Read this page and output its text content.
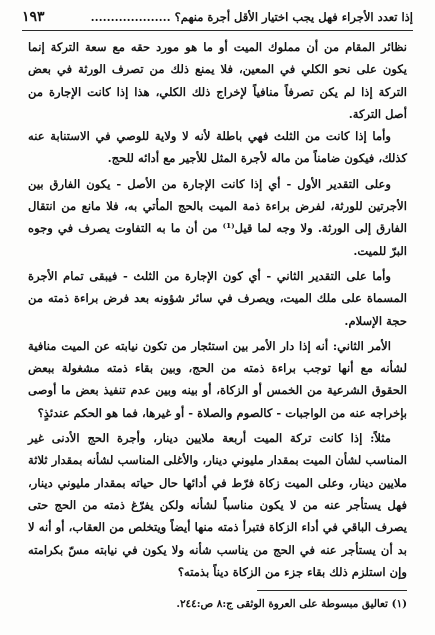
إذا تعدد الأجراء فهل يجب اختيار الأقل أجرة منهم؟ ....................
١٩٣

نظائر المقام من أن مملوك الميت أو ما هو مورد حقه مع سعة التركة إنما يكون على نحو الكلي في المعين، فلا يمنع ذلك من تصرف الورثة في بعض التركة إذا لم يكن تصرفاً منافياً لإخراج ذلك الكلي، هذا إذا كانت الإجارة من أصل التركة.

وأما إذا كانت من الثلث فهي باطلة لأنه لا ولاية للوصي في الاستنابة عنه كذلك، فيكون ضامناً من ماله لأجرة المثل للأجير مع أدائه للحج.

وعلى التقدير الأول - أي إذا كانت الإجارة من الأصل - يكون الفارق بين الأجرتين للورثة، لفرض براءة ذمة الميت بالحج المأتي به، فلا مانع من انتقال الفارق إلى الورثة. ولا وجه لما قيل⁽¹⁾ من أن ما به التفاوت يصرف في وجوه البرّ للميت.

وأما على التقدير الثاني - أي كون الإجارة من الثلث - فيبقى تمام الأجرة المسماة على ملك الميت، ويصرف في سائر شؤونه بعد فرض براءة ذمته من حجة الإسلام.

الأمر الثاني: أنه إذا دار الأمر بين استئجار من تكون نيابته عن الميت منافية لشأنه مع أنها توجب براءة ذمته من الحج، وبين بقاء ذمته مشغولة ببعض الحقوق الشرعية من الخمس أو الزكاة، أو بينه وبين عدم تنفيذ بعض ما أوصى بإخراجه عنه من الواجبات - كالصوم والصلاة - أو غيرها، فما هو الحكم عندئذٍ؟

مثلاً: إذا كانت تركة الميت أربعة ملايين دينار، وأجرة الحج الأدنى غير المناسب لشأن الميت بمقدار مليوني دينار، والأغلى المناسب لشأنه بمقدار ثلاثة ملايين دينار، وعلى الميت زكاة فرّط في أدائها حال حياته بمقدار مليوني دينار، فهل يستأجر عنه من لا يكون مناسباً لشأنه ولكن يفرّغ ذمته من الحج حتى يصرف الباقي في أداء الزكاة فتبرأ ذمته منها أيضاً ويتخلص من العقاب، أو أنه لا بد أن يستأجر عنه في الحج من يناسب شأنه ولا يكون في نيابته مسّ بكرامته وإن استلزم ذلك بقاء جزء من الزكاة ديناً بذمته؟

(١) تعاليق مبسوطة على العروة الوثقى ج:٨ ص:٢٤٤.
